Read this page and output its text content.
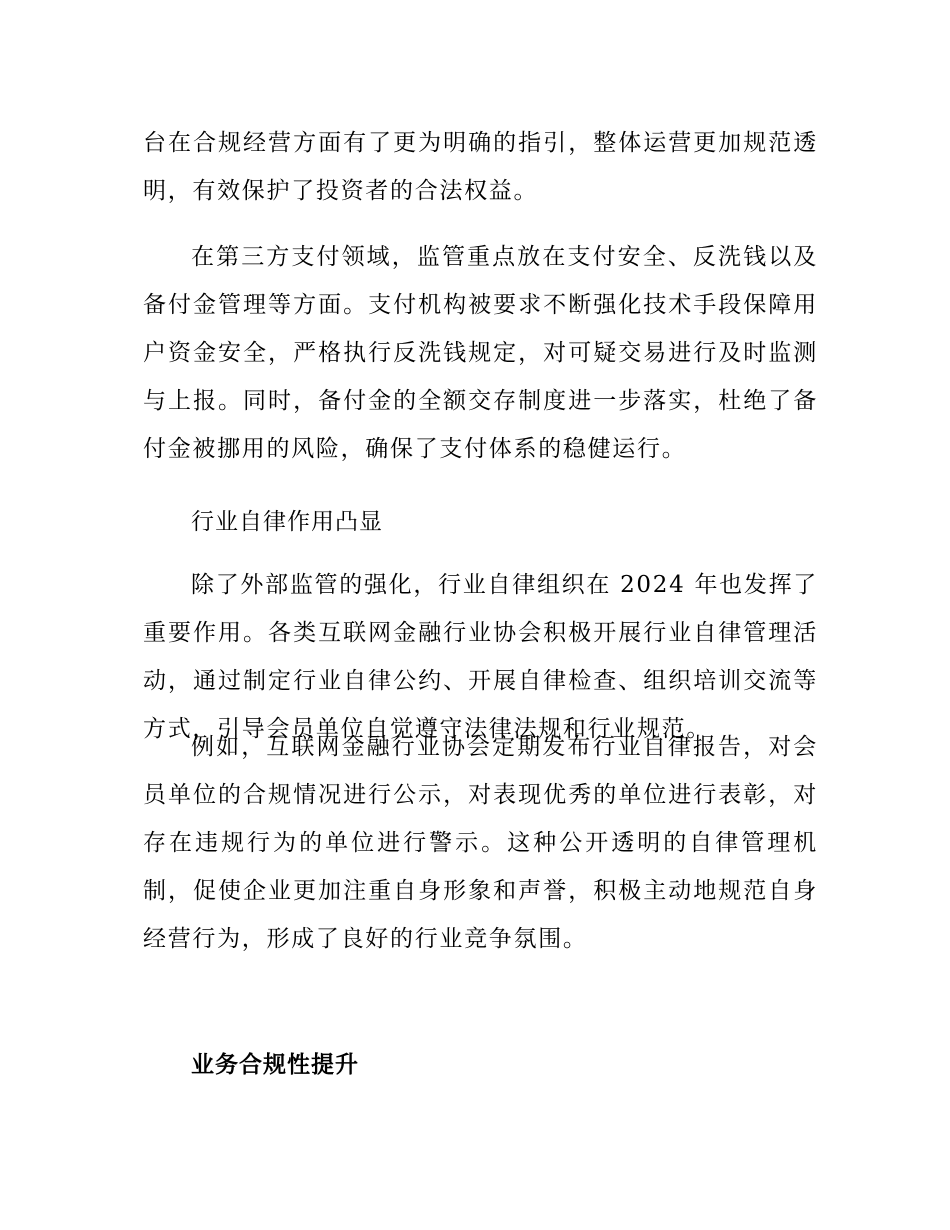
台在合规经营方面有了更为明确的指引，整体运营更加规范透明，有效保护了投资者的合法权益。

在第三方支付领域，监管重点放在支付安全、反洗钱以及备付金管理等方面。支付机构被要求不断强化技术手段保障用户资金安全，严格执行反洗钱规定，对可疑交易进行及时监测与上报。同时，备付金的全额交存制度进一步落实，杜绝了备付金被挪用的风险，确保了支付体系的稳健运行。

行业自律作用凸显

除了外部监管的强化，行业自律组织在 2024 年也发挥了重要作用。各类互联网金融行业协会积极开展行业自律管理活动，通过制定行业自律公约、开展自律检查、组织培训交流等方式，引导会员单位自觉遵守法律法规和行业规范。

例如，互联网金融行业协会定期发布行业自律报告，对会员单位的合规情况进行公示，对表现优秀的单位进行表彰，对存在违规行为的单位进行警示。这种公开透明的自律管理机制，促使企业更加注重自身形象和声誉，积极主动地规范自身经营行为，形成了良好的行业竞争氛围。

业务合规性提升
